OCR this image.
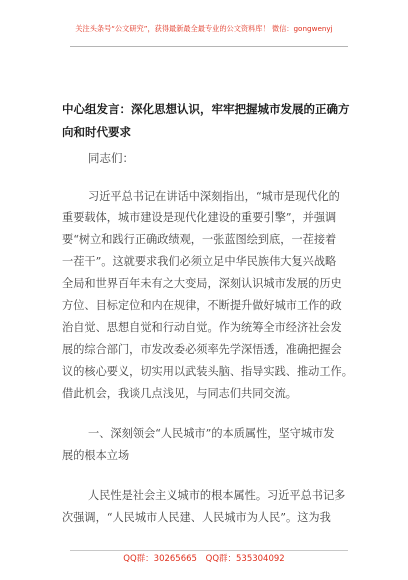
关注头条号“公文研究”，获得最新最全最专业的公文资料库！ 微信：gongwenyj
中心组发言：深化思想认识，牢牢把握城市发展的正确方
向和时代要求
同志们：
习近平总书记在讲话中深刻指出，“城市是现代化的
重要载体，城市建设是现代化建设的重要引擎”，并强调
要“树立和践行正确政绩观，一张蓝图绘到底，一茬接着
一茬干”。这就要求我们必须立足中华民族伟大复兴战略
全局和世界百年未有之大变局，深刻认识城市发展的历史
方位、目标定位和内在规律，不断提升做好城市工作的政
治自觉、思想自觉和行动自觉。作为统筹全市经济社会发
展的综合部门，市发改委必须率先学深悟透，准确把握会
议的核心要义，切实用以武装头脑、指导实践、推动工作。
借此机会，我谈几点浅见，与同志们共同交流。
一、深刻领会“人民城市”的本质属性，坚守城市发
展的根本立场
人民性是社会主义城市的根本属性。习近平总书记多
次强调，“人民城市人民建、人民城市为人民”。这为我
QQ群：30265665 QQ群：535304092
